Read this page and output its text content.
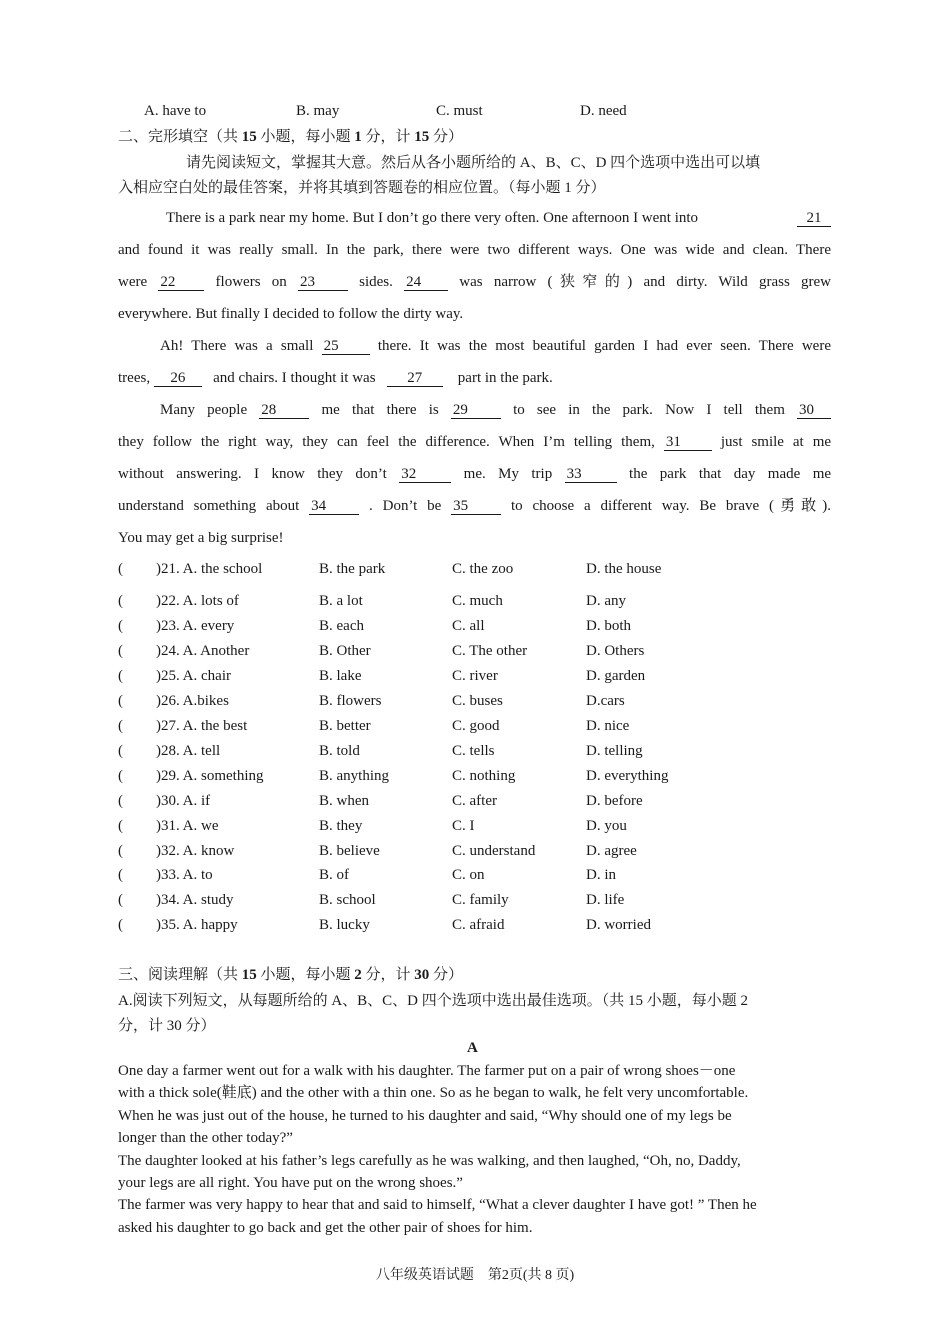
A. have to	B. may	C. must	D. need
二、完形填空（共 15 小题，每小题 1 分，计 15 分）
请先阅读短文，掌握其大意。然后从各小题所给的 A、B、C、D 四个选项中选出可以填
入相应空白处的最佳答案，并将其填到答题卷的相应位置。（每小题 1 分）
There is a park near my home. But I don’t go there very often. One afternoon I went into	21
and found it was really small. In the park, there were two different ways. One was wide and clean. There
were 22	flowers on 23	sides. 24	was narrow (狭窄的) and dirty. Wild grass grew
everywhere. But finally I decided to follow the dirty way.
Ah! There was a small 25	there. It was the most beautiful garden I had ever seen. There were
trees, 26   and chairs. I thought it was   27    part in the park.
Many people 28	me that there is 29	to see in the park. Now I tell them 30
they follow the right way, they can feel the difference. When I’m telling them, 31	just smile at me
without answering. I know they don’t 32	me. My trip 33	the park that day made me
understand something about 34	. Don’t be 35	to choose a different way. Be brave (勇敢).
You may get a big surprise!
( )21. A. the school	B. the park	C. the zoo	D. the house
( )22. A. lots of	B. a lot	C. much	D. any
( )23. A. every	B. each	C. all	D. both
( )24. A. Another	B. Other	C. The other	D. Others
( )25. A. chair	B. lake	C. river	D. garden
( )26. A.bikes	B. flowers	C. buses	D.cars
( )27. A. the best	B. better	C. good	D. nice
( )28. A. tell	B. told	C. tells	D. telling
( )29. A. something	B. anything	C. nothing	D. everything
( )30. A. if	B. when	C. after	D. before
( )31. A. we	B. they	C. I	D. you
( )32. A. know	B. believe	C. understand	D. agree
( )33. A. to	B. of	C. on	D. in
( )34. A. study	B. school	C. family	D. life
( )35. A. happy	B. lucky	C. afraid	D. worried
三、阅读理解（共 15 小题，每小题 2 分，计 30 分）
A.阅读下列短文，从每题所给的 A、B、C、D 四个选项中选出最佳选项。（共 15 小题，每小题 2
分，计 30 分）
A

One day a farmer went out for a walk with his daughter. The farmer put on a pair of wrong shoes－one

with a thick sole(鞋底) and the other with a thin one. So as he began to walk, he felt very uncomfortable.

When he was just out of the house, he turned to his daughter and said, “Why should one of my legs be

longer than the other today?”

The daughter looked at his father’s legs carefully as he was walking, and then laughed, “Oh, no, Daddy,

your legs are all right. You have put on the wrong shoes.”

The farmer was very happy to hear that and said to himself, “What a clever daughter I have got! ” Then he

asked his daughter to go back and get the other pair of shoes for him.

八年级英语试题　第2页(共 8 页)
